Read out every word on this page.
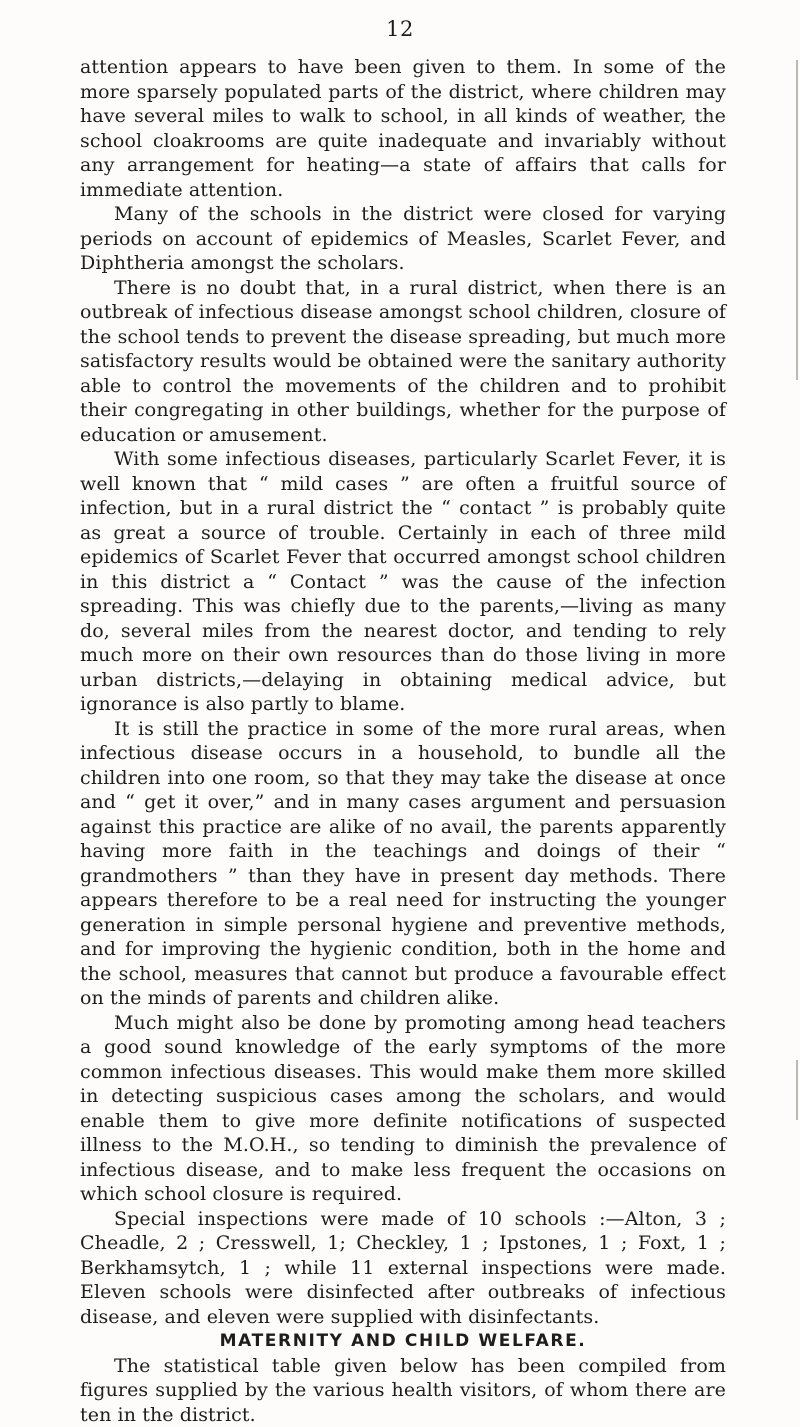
12

attention appears to have been given to them. In some of the more sparsely populated parts of the district, where children may have several miles to walk to school, in all kinds of weather, the school cloakrooms are quite inadequate and invariably without any arrangement for heating—a state of affairs that calls for immediate attention.

Many of the schools in the district were closed for varying periods on account of epidemics of Measles, Scarlet Fever, and Diphtheria amongst the scholars.

There is no doubt that, in a rural district, when there is an outbreak of infectious disease amongst school children, closure of the school tends to prevent the disease spreading, but much more satisfactory results would be obtained were the sanitary authority able to control the movements of the children and to prohibit their congregating in other buildings, whether for the purpose of education or amusement.

With some infectious diseases, particularly Scarlet Fever, it is well known that “ mild cases ” are often a fruitful source of infection, but in a rural district the “ contact ” is probably quite as great a source of trouble. Certainly in each of three mild epidemics of Scarlet Fever that occurred amongst school children in this district a “ Contact ” was the cause of the infection spreading. This was chiefly due to the parents,—living as many do, several miles from the nearest doctor, and tending to rely much more on their own resources than do those living in more urban districts,—delaying in obtaining medical advice, but ignorance is also partly to blame.

It is still the practice in some of the more rural areas, when infectious disease occurs in a household, to bundle all the children into one room, so that they may take the disease at once and “ get it over,” and in many cases argument and persuasion against this practice are alike of no avail, the parents apparently having more faith in the teachings and doings of their “ grandmothers ” than they have in present day methods. There appears therefore to be a real need for instructing the younger generation in simple personal hygiene and preventive methods, and for improving the hygienic condition, both in the home and the school, measures that cannot but produce a favourable effect on the minds of parents and children alike.

Much might also be done by promoting among head teachers a good sound knowledge of the early symptoms of the more common infectious diseases. This would make them more skilled in detecting suspicious cases among the scholars, and would enable them to give more definite notifications of suspected illness to the M.O.H., so tending to diminish the prevalence of infectious disease, and to make less frequent the occasions on which school closure is required.

Special inspections were made of 10 schools :—Alton, 3 ; Cheadle, 2 ; Cresswell, 1; Checkley, 1 ; Ipstones, 1 ; Foxt, 1 ; Berkhamsytch, 1 ; while 11 external inspections were made. Eleven schools were disinfected after outbreaks of infectious disease, and eleven were supplied with disinfectants.

MATERNITY AND CHILD WELFARE.

The statistical table given below has been compiled from figures supplied by the various health visitors, of whom there are ten in the district.
